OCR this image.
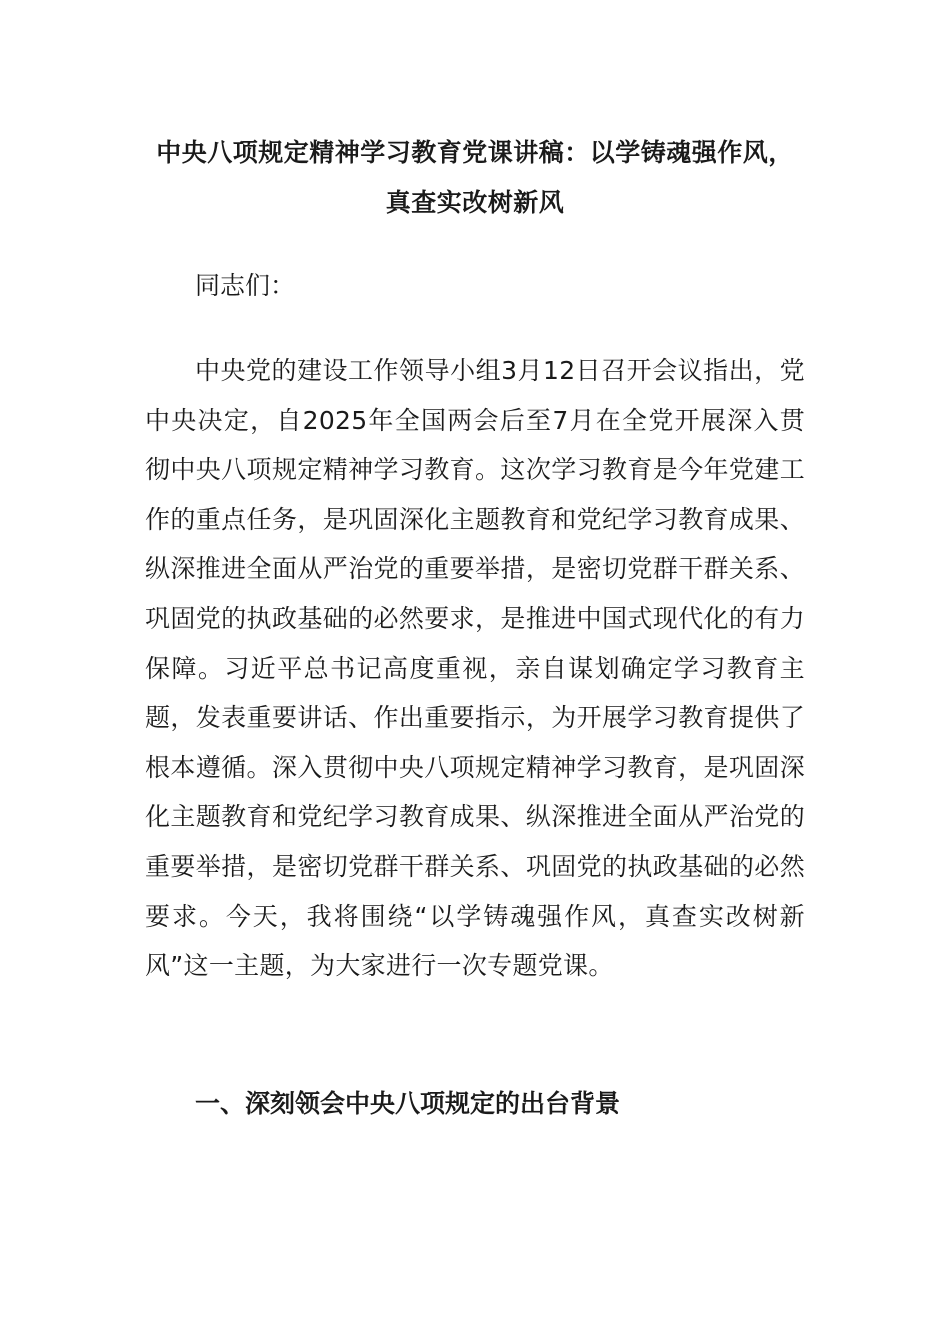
中央八项规定精神学习教育党课讲稿：以学铸魂强作风，
真查实改树新风

同志们：

中央党的建设工作领导小组3月12日召开会议指出，党中央决定，自2025年全国两会后至7月在全党开展深入贯彻中央八项规定精神学习教育。这次学习教育是今年党建工作的重点任务，是巩固深化主题教育和党纪学习教育成果、纵深推进全面从严治党的重要举措，是密切党群干群关系、巩固党的执政基础的必然要求，是推进中国式现代化的有力保障。习近平总书记高度重视，亲自谋划确定学习教育主题，发表重要讲话、作出重要指示，为开展学习教育提供了根本遵循。深入贯彻中央八项规定精神学习教育，是巩固深化主题教育和党纪学习教育成果、纵深推进全面从严治党的重要举措，是密切党群干群关系、巩固党的执政基础的必然要求。今天，我将围绕“以学铸魂强作风，真查实改树新风”这一主题，为大家进行一次专题党课。

一、深刻领会中央八项规定的出台背景
